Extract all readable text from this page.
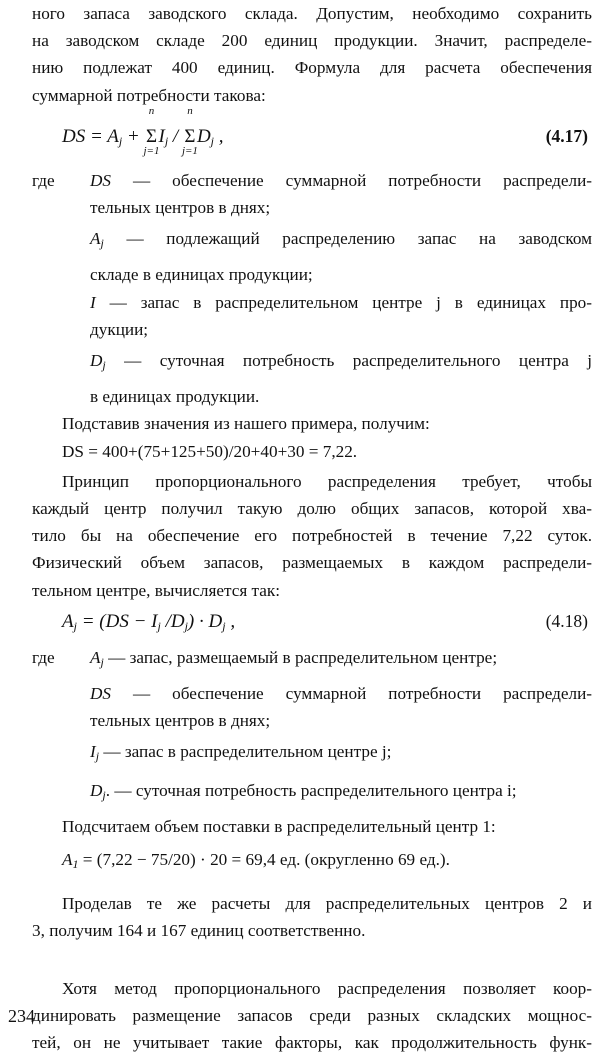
ного запаса заводского склада. Допустим, необходимо сохранить
на заводском складе 200 единиц продукции. Значит, распределе-
нию подлежат 400 единиц. Формула для расчета обеспечения
суммарной потребности такова:
DS = $A_j$ +
n
Σ
j=1
$I_j$ /
n
Σ
j=1
$D_j$ ,	(4.17)
где	DS — обеспечение суммарной потребности распредели-
тельных центров в днях;
$A_j$ — подлежащий распределению запас на заводском
складе в единицах продукции;
I — запас в распределительном центре j в единицах про-
дукции;
$D_j$ — суточная потребность распределительного центра j
в единицах продукции.
Подставив значения из нашего примера, получим:
DS = 400+(75+125+50)/20+40+30 = 7,22.
Принцип пропорционального распределения требует, чтобы
каждый центр получил такую долю общих запасов, которой хва-
тило бы на обеспечение его потребностей в течение 7,22 суток.
Физический объем запасов, размещаемых в каждом распредели-
тельном центре, вычисляется так:
$A_j = (DS - I_j$ $/D_j) \cdot D_j$ ,	(4.18)
где	$A_j$ — запас, размещаемый в распределительном центре;
DS — обеспечение суммарной потребности распредели-
тельных центров в днях;
$I_j$ — запас в распределительном центре j;
$D_j$. — суточная потребность распределительного центра i;
Подсчитаем объем поставки в распределительный центр 1:
$A_1 = (7,22 - 75/20) \cdot 20 = 69,4$ ед. (округленно 69 ед.).
Проделав те же расчеты для распределительных центров 2 и
3, получим 164 и 167 единиц соответственно.
Хотя метод пропорционального распределения позволяет коор-
динировать размещение запасов среди разных складских мощнос-
тей, он не учитывает такие факторы, как продолжительность функ-
234
